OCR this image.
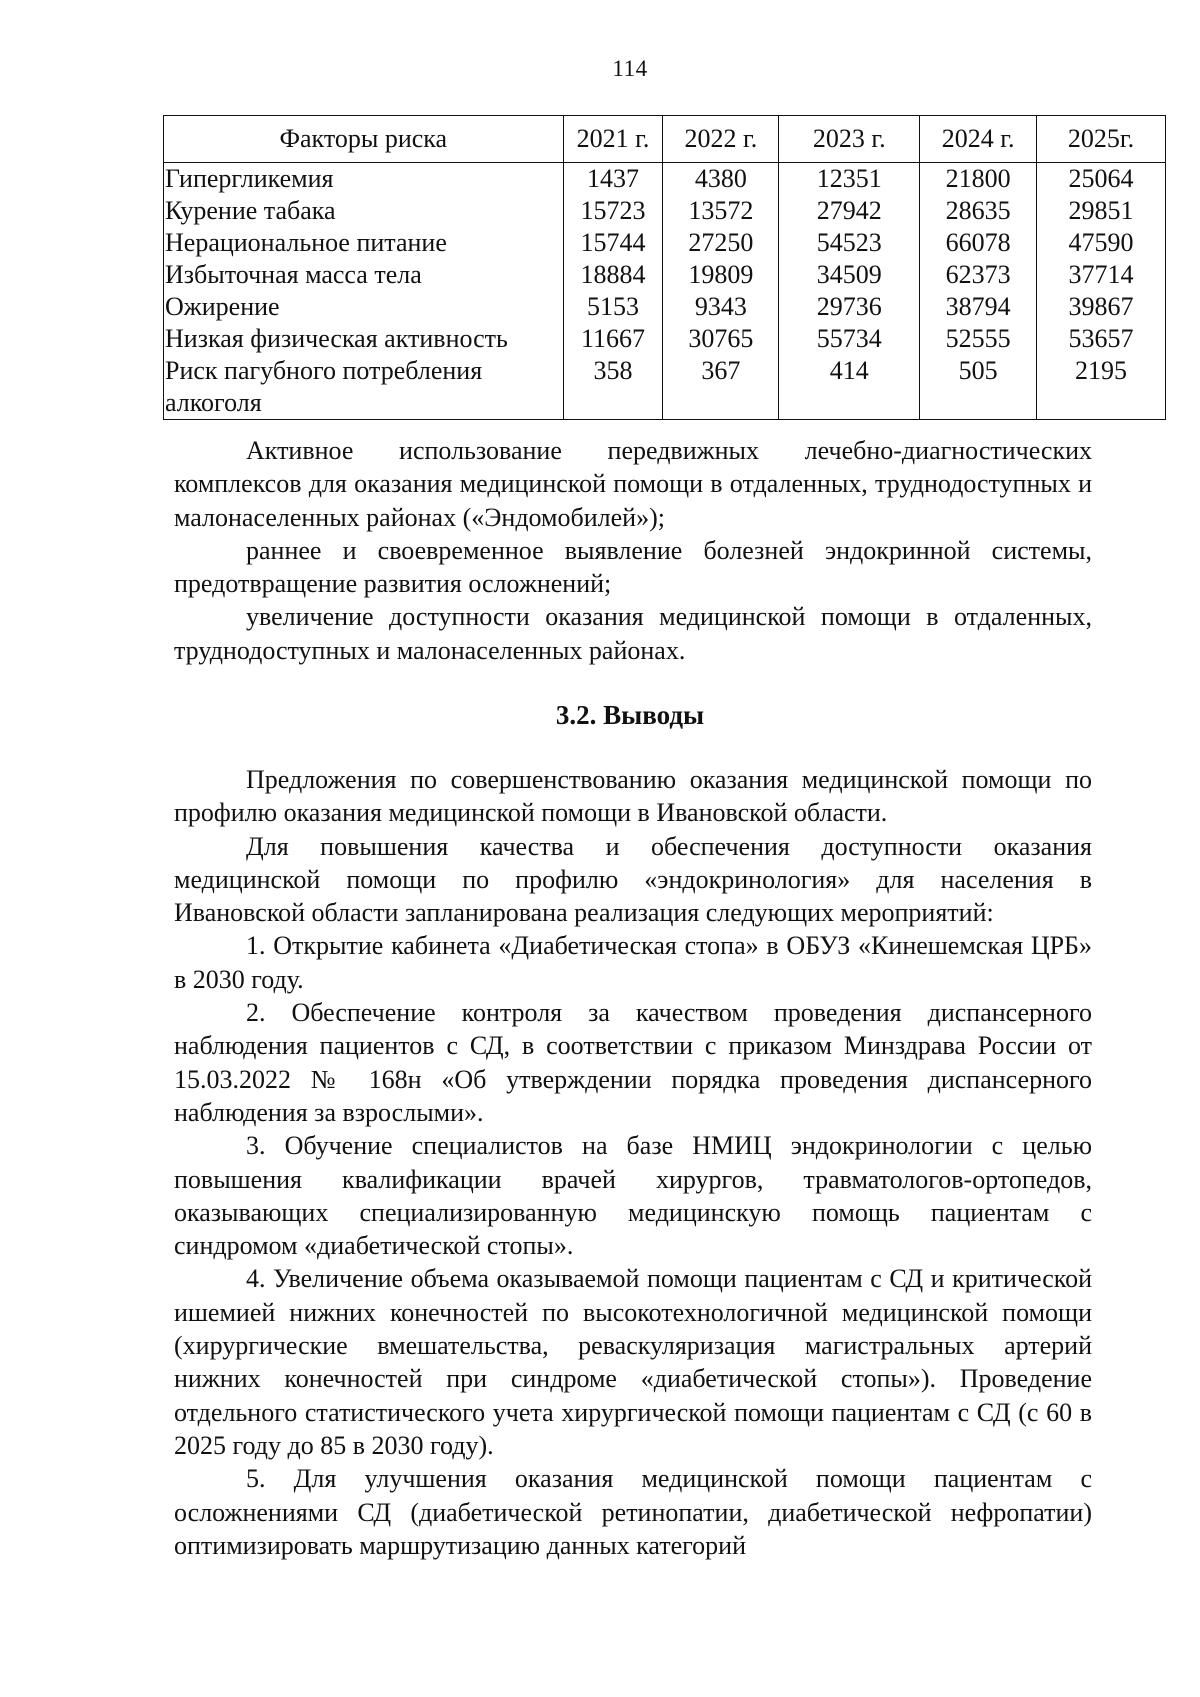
114
Факторы риска	2021 г.	2022 г.	2023 г.	2024 г.	2025г.
Гипергликемия	1437	4380	12351	21800	25064
Курение табака	15723	13572	27942	28635	29851
Нерациональное питание	15744	27250	54523	66078	47590
Избыточная масса тела	18884	19809	34509	62373	37714
Ожирение	5153	9343	29736	38794	39867
Низкая физическая активность	11667	30765	55734	52555	53657
Риск пагубного потребления алкоголя	358	367	414	505	2195

Активное использование передвижных лечебно-диагностических комплексов для оказания медицинской помощи в отдаленных, труднодоступных и малонаселенных районах («Эндомобилей»);

раннее и своевременное выявление болезней эндокринной системы, предотвращение развития осложнений;

увеличение доступности оказания медицинской помощи в отдаленных, труднодоступных и малонаселенных районах.

3.2. Выводы

Предложения по совершенствованию оказания медицинской помощи по профилю оказания медицинской помощи в Ивановской области.

Для повышения качества и обеспечения доступности оказания медицинской помощи по профилю «эндокринология» для населения в Ивановской области запланирована реализация следующих мероприятий:

1. Открытие кабинета «Диабетическая стопа» в ОБУЗ «Кинешемская ЦРБ» в 2030 году.

2. Обеспечение контроля за качеством проведения диспансерного наблюдения пациентов с СД, в соответствии с приказом Минздрава России от 15.03.2022 № 168н «Об утверждении порядка проведения диспансерного наблюдения за взрослыми».

3. Обучение специалистов на базе НМИЦ эндокринологии с целью повышения квалификации врачей хирургов, травматологов-ортопедов, оказывающих специализированную медицинскую помощь пациентам с синдромом «диабетической стопы».

4. Увеличение объема оказываемой помощи пациентам с СД и критической ишемией нижних конечностей по высокотехнологичной медицинской помощи (хирургические вмешательства, реваскуляризация магистральных артерий нижних конечностей при синдроме «диабетической стопы»). Проведение отдельного статистического учета хирургической помощи пациентам с СД (с 60 в 2025 году до 85 в 2030 году).

5. Для улучшения оказания медицинской помощи пациентам с осложнениями СД (диабетической ретинопатии, диабетической нефропатии) оптимизировать маршрутизацию данных категорий
